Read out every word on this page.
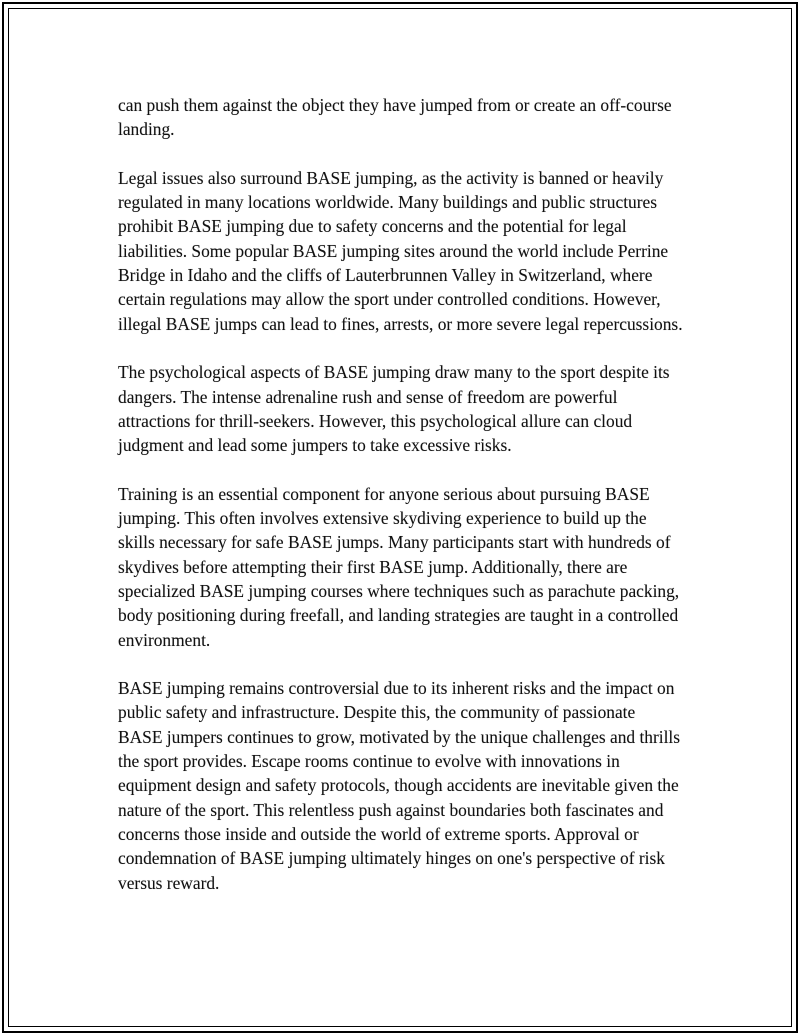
can push them against the object they have jumped from or create an off-course landing.

Legal issues also surround BASE jumping, as the activity is banned or heavily regulated in many locations worldwide. Many buildings and public structures prohibit BASE jumping due to safety concerns and the potential for legal liabilities. Some popular BASE jumping sites around the world include Perrine Bridge in Idaho and the cliffs of Lauterbrunnen Valley in Switzerland, where certain regulations may allow the sport under controlled conditions. However, illegal BASE jumps can lead to fines, arrests, or more severe legal repercussions.

The psychological aspects of BASE jumping draw many to the sport despite its dangers. The intense adrenaline rush and sense of freedom are powerful attractions for thrill-seekers. However, this psychological allure can cloud judgment and lead some jumpers to take excessive risks.

Training is an essential component for anyone serious about pursuing BASE jumping. This often involves extensive skydiving experience to build up the skills necessary for safe BASE jumps. Many participants start with hundreds of skydives before attempting their first BASE jump. Additionally, there are specialized BASE jumping courses where techniques such as parachute packing, body positioning during freefall, and landing strategies are taught in a controlled environment.

BASE jumping remains controversial due to its inherent risks and the impact on public safety and infrastructure. Despite this, the community of passionate BASE jumpers continues to grow, motivated by the unique challenges and thrills the sport provides. Escape rooms continue to evolve with innovations in equipment design and safety protocols, though accidents are inevitable given the nature of the sport. This relentless push against boundaries both fascinates and concerns those inside and outside the world of extreme sports. Approval or condemnation of BASE jumping ultimately hinges on one's perspective of risk versus reward.
